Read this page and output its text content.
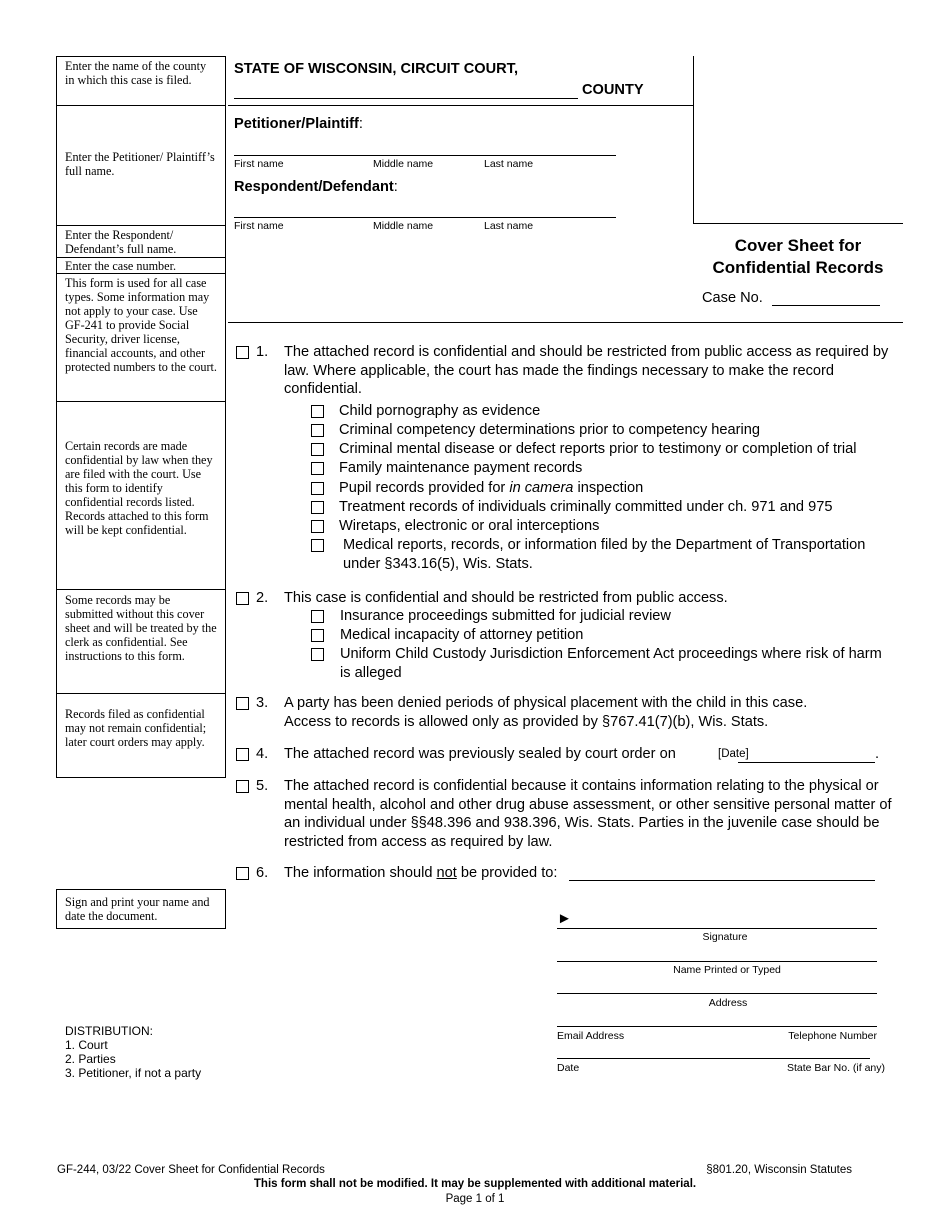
Enter the name of the county in which this case is filed.
Enter the Petitioner/ Plaintiff’s full name.
Enter the Respondent/ Defendant’s full name.
Enter the case number.
This form is used for all case types. Some information may not apply to your case. Use GF-241 to provide Social Security, driver license, financial accounts, and other protected numbers to the court.
Certain records are made confidential by law when they are filed with the court. Use this form to identify confidential records listed. Records attached to this form will be kept confidential.
Some records may be submitted without this cover sheet and will be treated by the clerk as confidential. See instructions to this form.
Records filed as confidential may not remain confidential; later court orders may apply.
Sign and print your name and date the document.
STATE OF WISCONSIN, CIRCUIT COURT,
COUNTY
Petitioner/Plaintiff:
First name	Middle name	Last name
Respondent/Defendant:
First name	Middle name	Last name
Cover Sheet for
Confidential Records
Case No.
1. The attached record is confidential and should be restricted from public access as required by law. Where applicable, the court has made the findings necessary to make the record confidential.
Child pornography as evidence
Criminal competency determinations prior to competency hearing
Criminal mental disease or defect reports prior to testimony or completion of trial
Family maintenance payment records
Pupil records provided for in camera inspection
Treatment records of individuals criminally committed under ch. 971 and 975
Wiretaps, electronic or oral interceptions
Medical reports, records, or information filed by the Department of Transportation under §343.16(5), Wis. Stats.
2. This case is confidential and should be restricted from public access.
Insurance proceedings submitted for judicial review
Medical incapacity of attorney petition
Uniform Child Custody Jurisdiction Enforcement Act proceedings where risk of harm is alleged
3. A party has been denied periods of physical placement with the child in this case. Access to records is allowed only as provided by §767.41(7)(b), Wis. Stats.
4. The attached record was previously sealed by court order on	[Date]	.
5. The attached record is confidential because it contains information relating to the physical or mental health, alcohol and other drug abuse assessment, or other sensitive personal matter of an individual under §§48.396 and 938.396, Wis. Stats. Parties in the juvenile case should be restricted from access as required by law.
6. The information should not be provided to:
►
Signature
Name Printed or Typed
Address
Email Address	Telephone Number
Date	State Bar No. (if any)
DISTRIBUTION:
1. Court
2. Parties
3. Petitioner, if not a party
GF-244, 03/22 Cover Sheet for Confidential Records	§801.20, Wisconsin Statutes
This form shall not be modified. It may be supplemented with additional material.
Page 1 of 1
